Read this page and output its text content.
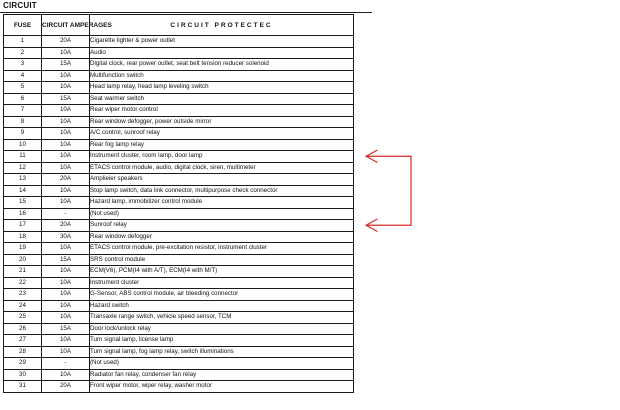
CIRCUIT
FUSE	CIRCUIT AMPERAGES	CIRCUIT PROTECTEC
1	20A	Cigarette lighter & power outlet
2	10A	Audio
3	15A	Digital clock, rear power outlet, seat belt tension reducer solenoid
4	10A	Multifunction switch
5	10A	Head lamp relay, head lamp leveling switch
6	15A	Seat warmer switch
7	10A	Rear wiper motor control
8	10A	Rear window defogger, power outside mirror
9	10A	A/C control, sunroof relay
10	10A	Rear fog lamp relay
11	10A	Instrument cluster, room lamp, door lamp
12	10A	ETACS control module, audio, digital clock, siren, multimeter
13	20A	Amplieier speakers
14	10A	Stop lamp switch, data link connector, multipurpose check connector
15	10A	Hazard lamp, immobilizer control module
16	-	(Not used)
17	20A	Sunroof relay
18	30A	Rear window defogger
19	10A	ETACS control module, pre-excitation resistor, instrument cluster
20	15A	SRS control module
21	10A	ECM(V6), PCM(I4 with A/T), ECM(I4 with M/T)
22	10A	Instrument cluster
23	10A	G-Sensor, ABS control module, air bleeding connector
24	10A	Hazard switch
25	10A	Transaxle range switch, vehicle speed sensor, TCM
26	15A	Door lock/unlock relay
27	10A	Turn signal lamp, license lamp
28	10A	Turn signal lamp, fog lamp relay, switch illuminations
29	-	(Not used)
30	10A	Radiator fan relay, condenser fan relay
31	20A	Front wiper motor, wiper relay, washer motor
